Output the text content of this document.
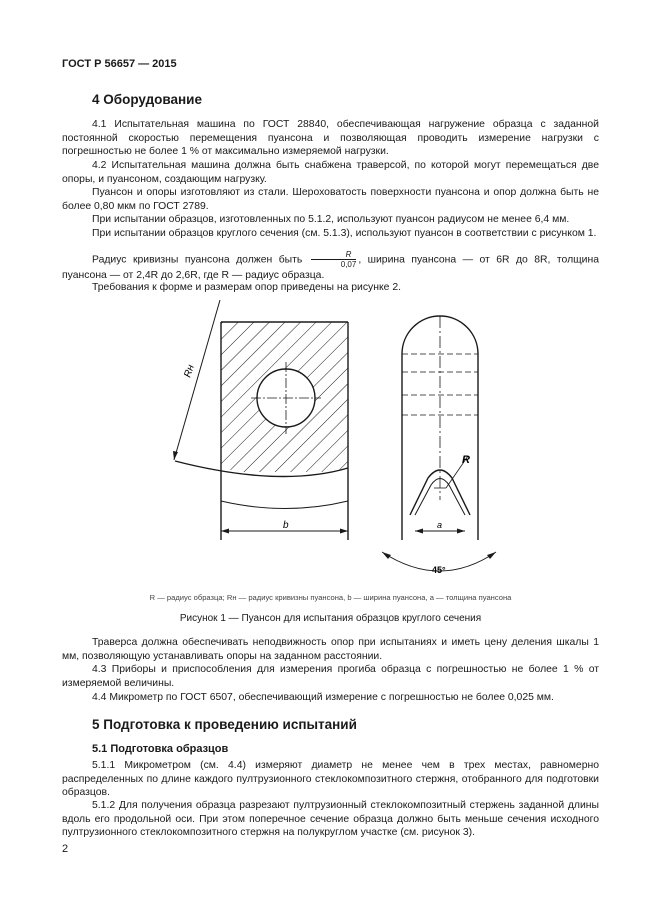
ГОСТ Р 56657 — 2015
4 Оборудование
4.1 Испытательная машина по ГОСТ 28840, обеспечивающая нагружение образца с заданной постоянной скоростью перемещения пуансона и позволяющая проводить измерение нагрузки с погрешностью не более 1 % от максимально измеряемой нагрузки.
4.2 Испытательная машина должна быть снабжена траверсой, по которой могут перемещаться две опоры, и пуансоном, создающим нагрузку.
Пуансон и опоры изготовляют из стали. Шероховатость поверхности пуансона и опор должна быть не более 0,80 мкм по ГОСТ 2789.
При испытании образцов, изготовленных по 5.1.2, используют пуансон радиусом не менее 6,4 мм.
При испытании образцов круглого сечения (см. 5.1.3), используют пуансон в соответствии с рисунком 1.
Радиус кривизны пуансона должен быть $\frac{R}{0,07}$ , ширина пуансона — от 6R до 8R, толщина пуансона — от 2,4R до 2,6R, где R — радиус образца.
Требования к форме и размерам опор приведены на рисунке 2.
Rн
b
R
a
45°
R — радиус образца; Rн — радиус кривизны пуансона, b — ширина пуансона, a — толщина пуансона
Рисунок 1 — Пуансон для испытания образцов круглого сечения
Траверса должна обеспечивать неподвижность опор при испытаниях и иметь цену деления шкалы 1 мм, позволяющую устанавливать опоры на заданном расстоянии.
4.3 Приборы и приспособления для измерения прогиба образца с погрешностью не более 1 % от измеряемой величины.
4.4 Микрометр по ГОСТ 6507, обеспечивающий измерение с погрешностью не более 0,025 мм.
5 Подготовка к проведению испытаний
5.1 Подготовка образцов
5.1.1 Микрометром (см. 4.4) измеряют диаметр не менее чем в трех местах, равномерно распределенных по длине каждого пултрузионного стеклокомпозитного стержня, отобранного для подготовки образцов.
5.1.2 Для получения образца разрезают пултрузионный стеклокомпозитный стержень заданной длины вдоль его продольной оси. При этом поперечное сечение образца должно быть меньше сечения исходного пултрузионного стеклокомпозитного стержня на полукруглом участке (см. рисунок 3).
2
